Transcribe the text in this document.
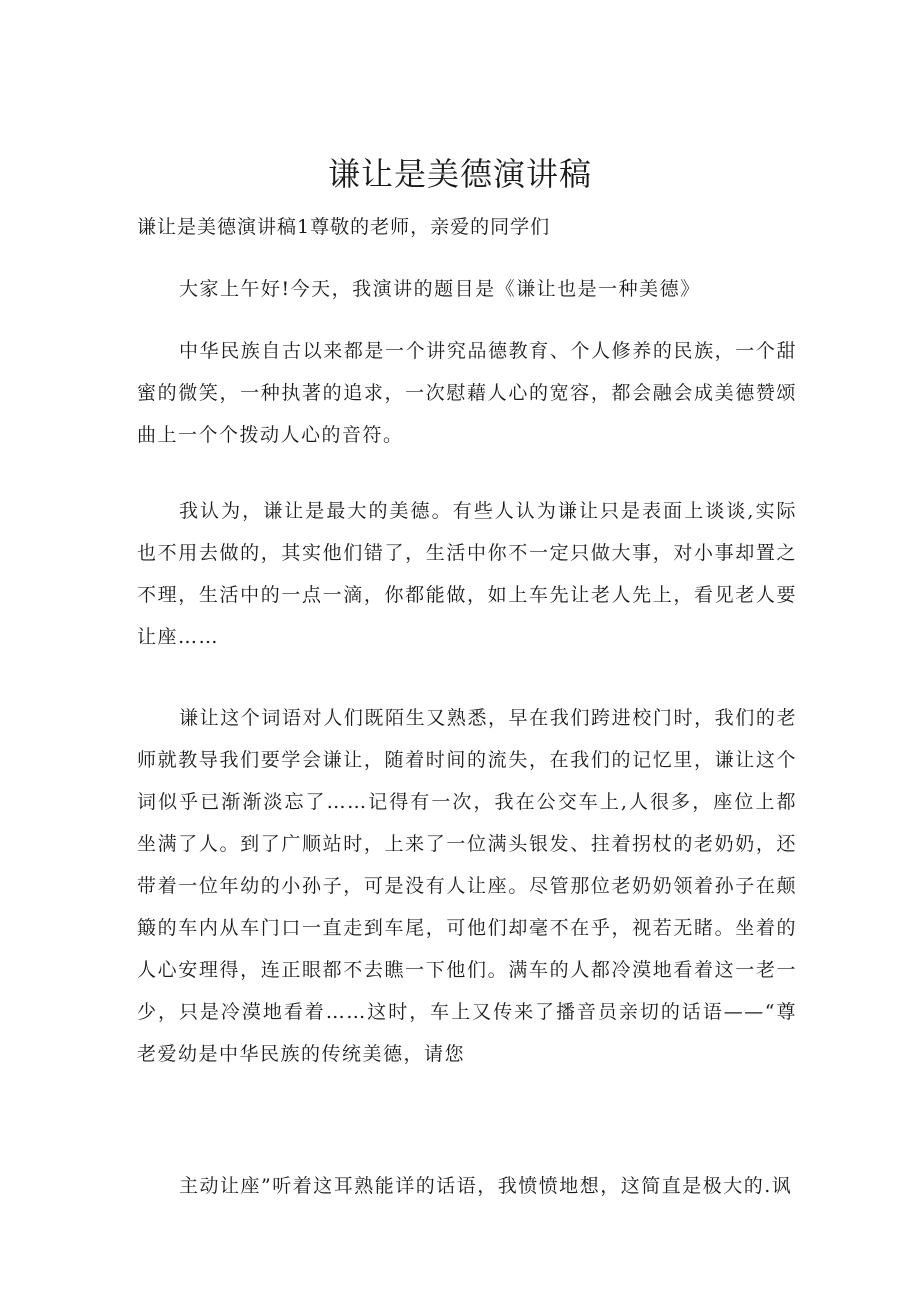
谦让是美德演讲稿

谦让是美德演讲稿1尊敬的老师，亲爱的同学们

大家上午好!今天，我演讲的题目是《谦让也是一种美德》

中华民族自古以来都是一个讲究品德教育、个人修养的民族，一个甜蜜的微笑，一种执著的追求，一次慰藉人心的宽容，都会融会成美德赞颂曲上一个个拨动人心的音符。

我认为，谦让是最大的美德。有些人认为谦让只是表面上谈谈,实际也不用去做的，其实他们错了，生活中你不一定只做大事，对小事却置之不理，生活中的一点一滴，你都能做，如上车先让老人先上，看见老人要让座……

谦让这个词语对人们既陌生又熟悉，早在我们跨进校门时，我们的老师就教导我们要学会谦让，随着时间的流失，在我们的记忆里，谦让这个词似乎已渐渐淡忘了……记得有一次，我在公交车上,人很多，座位上都坐满了人。到了广顺站时，上来了一位满头银发、拄着拐杖的老奶奶，还带着一位年幼的小孙子，可是没有人让座。尽管那位老奶奶领着孙子在颠簸的车内从车门口一直走到车尾，可他们却毫不在乎，视若无睹。坐着的人心安理得，连正眼都不去瞧一下他们。满车的人都冷漠地看着这一老一少，只是冷漠地看着……这时，车上又传来了播音员亲切的话语——“尊老爱幼是中华民族的传统美德，请您

主动让座”听着这耳熟能详的话语，我愤愤地想，这简直是极大的.讽
